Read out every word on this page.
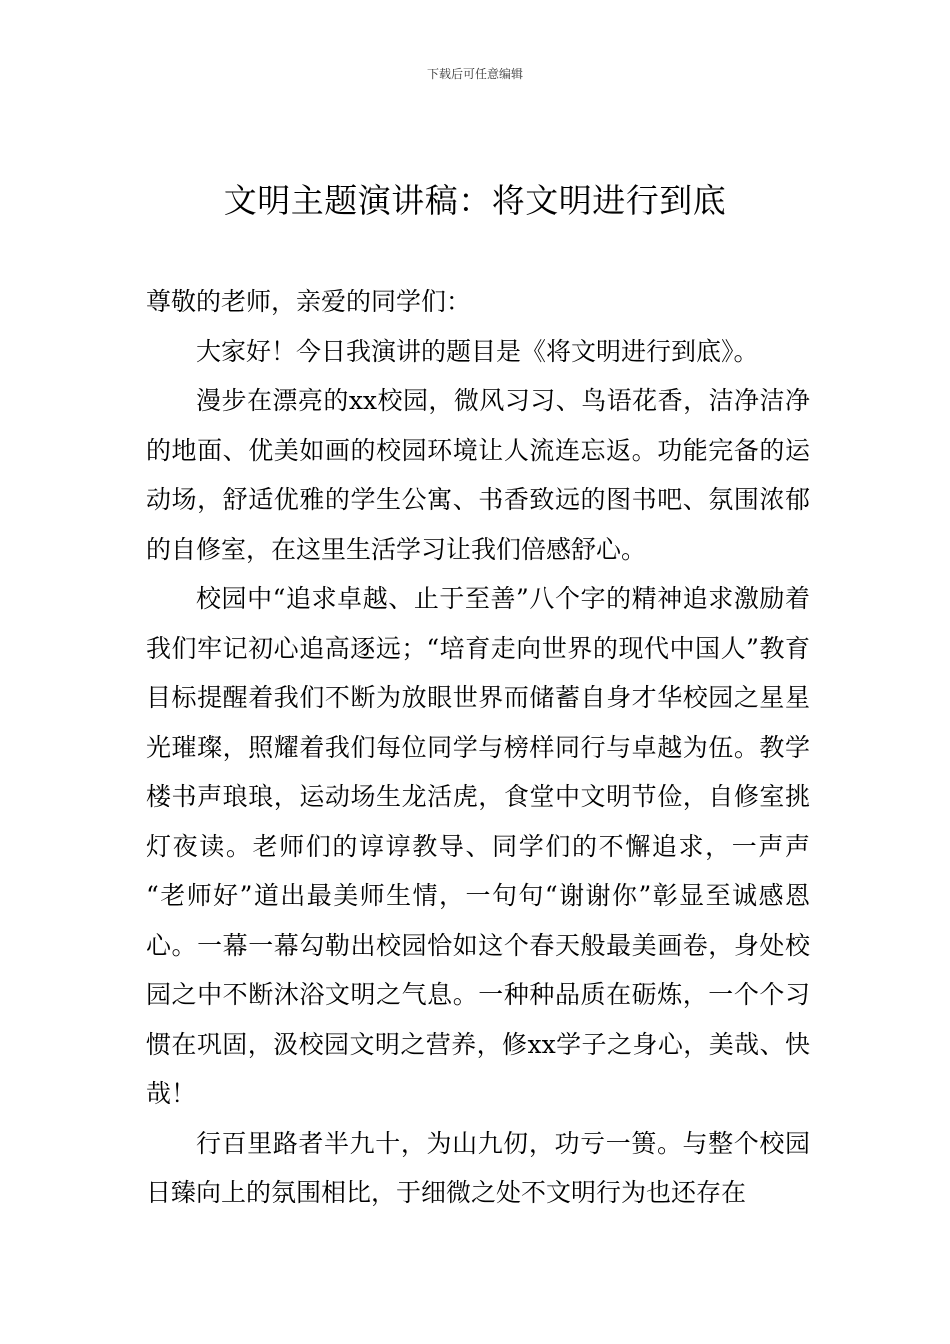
下载后可任意编辑
文明主题演讲稿：将文明进行到底

尊敬的老师，亲爱的同学们：

大家好！今日我演讲的题目是《将文明进行到底》。

漫步在漂亮的xx校园，微风习习、鸟语花香，洁净洁净的地面、优美如画的校园环境让人流连忘返。功能完备的运动场，舒适优雅的学生公寓、书香致远的图书吧、氛围浓郁的自修室，在这里生活学习让我们倍感舒心。

校园中“追求卓越、止于至善”八个字的精神追求激励着我们牢记初心追高逐远；“培育走向世界的现代中国人”教育目标提醒着我们不断为放眼世界而储蓄自身才华校园之星星光璀璨，照耀着我们每位同学与榜样同行与卓越为伍。教学楼书声琅琅，运动场生龙活虎，食堂中文明节俭，自修室挑灯夜读。老师们的谆谆教导、同学们的不懈追求，一声声 “老师好”道出最美师生情，一句句“谢谢你”彰显至诚感恩心。一幕一幕勾勒出校园恰如这个春天般最美画卷，身处校园之中不断沐浴文明之气息。一种种品质在砺炼，一个个习惯在巩固，汲校园文明之营养，修xx学子之身心，美哉、快哉！

行百里路者半九十，为山九仞，功亏一篑。与整个校园日臻向上的氛围相比，于细微之处不文明行为也还存在
